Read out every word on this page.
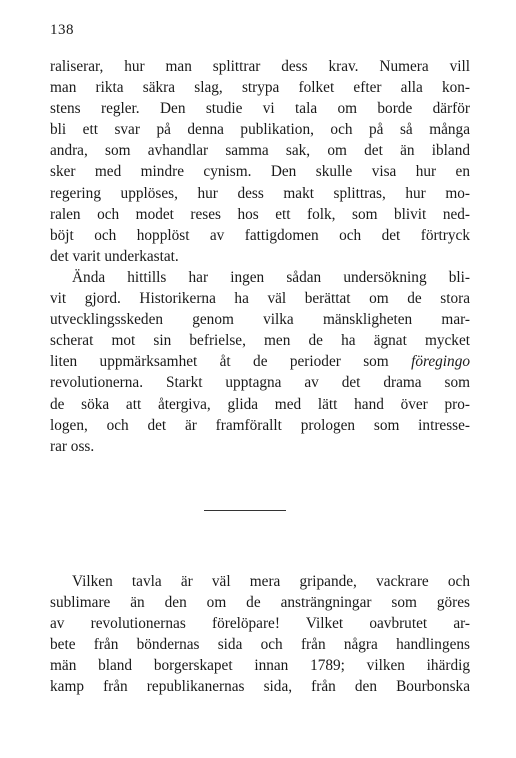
138
raliserar, hur man splittrar dess krav. Numera vill
man rikta säkra slag, strypa folket efter alla kon-
stens regler. Den studie vi tala om borde därför
bli ett svar på denna publikation, och på så många
andra, som avhandlar samma sak, om det än ibland
sker med mindre cynism. Den skulle visa hur en
regering upplöses, hur dess makt splittras, hur mo-
ralen och modet reses hos ett folk, som blivit ned-
böjt och hopplöst av fattigdomen och det förtryck
det varit underkastat.
Ända hittills har ingen sådan undersökning bli-
vit gjord. Historikerna ha väl berättat om de stora
utvecklingsskeden genom vilka mänskligheten mar-
scherat mot sin befrielse, men de ha ägnat mycket
liten uppmärksamhet åt de perioder som föregingo
revolutionerna. Starkt upptagna av det drama som
de söka att återgiva, glida med lätt hand över pro-
logen, och det är framförallt prologen som intresse-
rar oss.
Vilken tavla är väl mera gripande, vackrare och
sublimare än den om de ansträngningar som göres
av revolutionernas förelöpare! Vilket oavbrutet ar-
bete från böndernas sida och från några handlingens
män bland borgerskapet innan 1789; vilken ihärdig
kamp från republikanernas sida, från den Bourbonska
